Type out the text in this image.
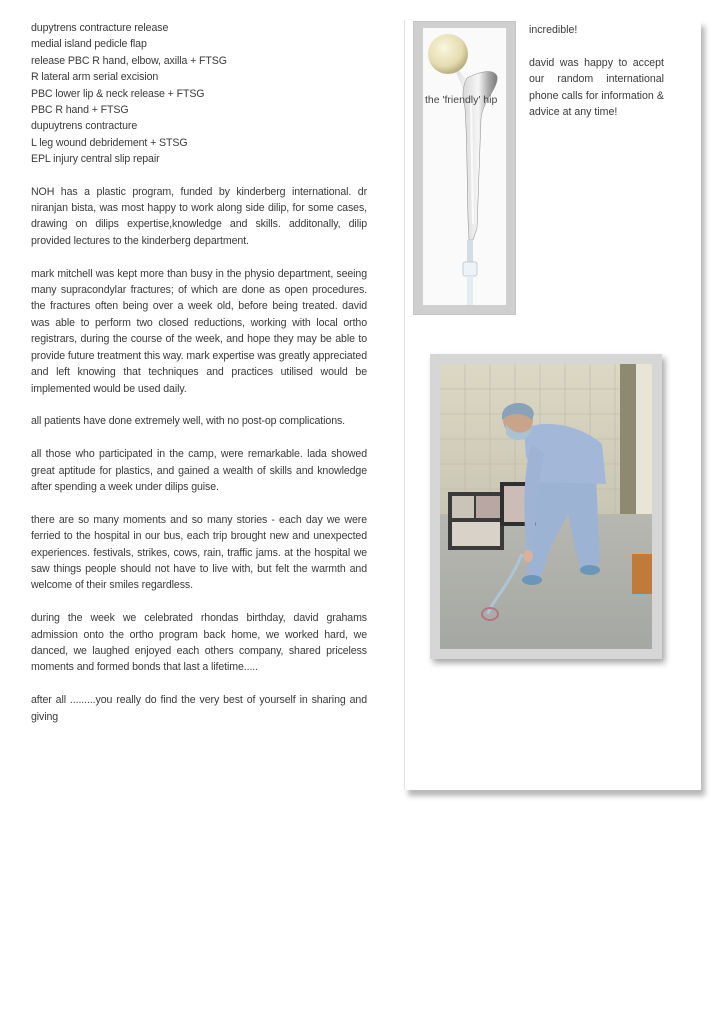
dupytrens contracture release
medial island pedicle flap
release PBC R hand, elbow, axilla + FTSG
R lateral arm serial excision
PBC lower lip & neck release + FTSG
PBC R hand + FTSG
dupuytrens contracture
L leg wound debridement + STSG
EPL injury central slip repair

NOH has a plastic program, funded by kinderberg international. dr niranjan bista, was most happy to work along side dilip, for some cases, drawing on dilips expertise,knowledge and skills. additonally, dilip provided lectures to the kinderberg department.

mark mitchell was kept more than busy in the physio department, seeing many supracondylar fractures; of which are done as open procedures. the fractures often being over a week old, before being treated. david was able to perform two closed reductions, working with local ortho registrars, during the course of the week, and hope they may be able to provide future treatment this way. mark expertise was greatly appreciated and left knowing that techniques and practices utilised would be implemented would be used daily.

all patients have done extremely well, with no post-op complications.

all those who participated in the camp, were remarkable. lada showed great aptitude for plastics, and gained a wealth of skills and knowledge after spending a week under dilips guise.

there are so many moments and so many stories - each day we were ferried to the hospital in our bus, each trip brought new and unexpected experiences. festivals, strikes, cows, rain, traffic jams. at the hospital we saw things people should not have to live with, but felt the warmth and welcome of their smiles regardless.

during the week we celebrated rhondas birthday, david grahams admission onto the ortho program back home, we worked hard, we danced, we laughed enjoyed each others company, shared priceless moments and formed bonds that last a lifetime.....

after all .........you really do find the very best of yourself in sharing and giving

the 'friendly' hip

incredible!

david was happy to accept our random international phone calls for information & advice at any time!
